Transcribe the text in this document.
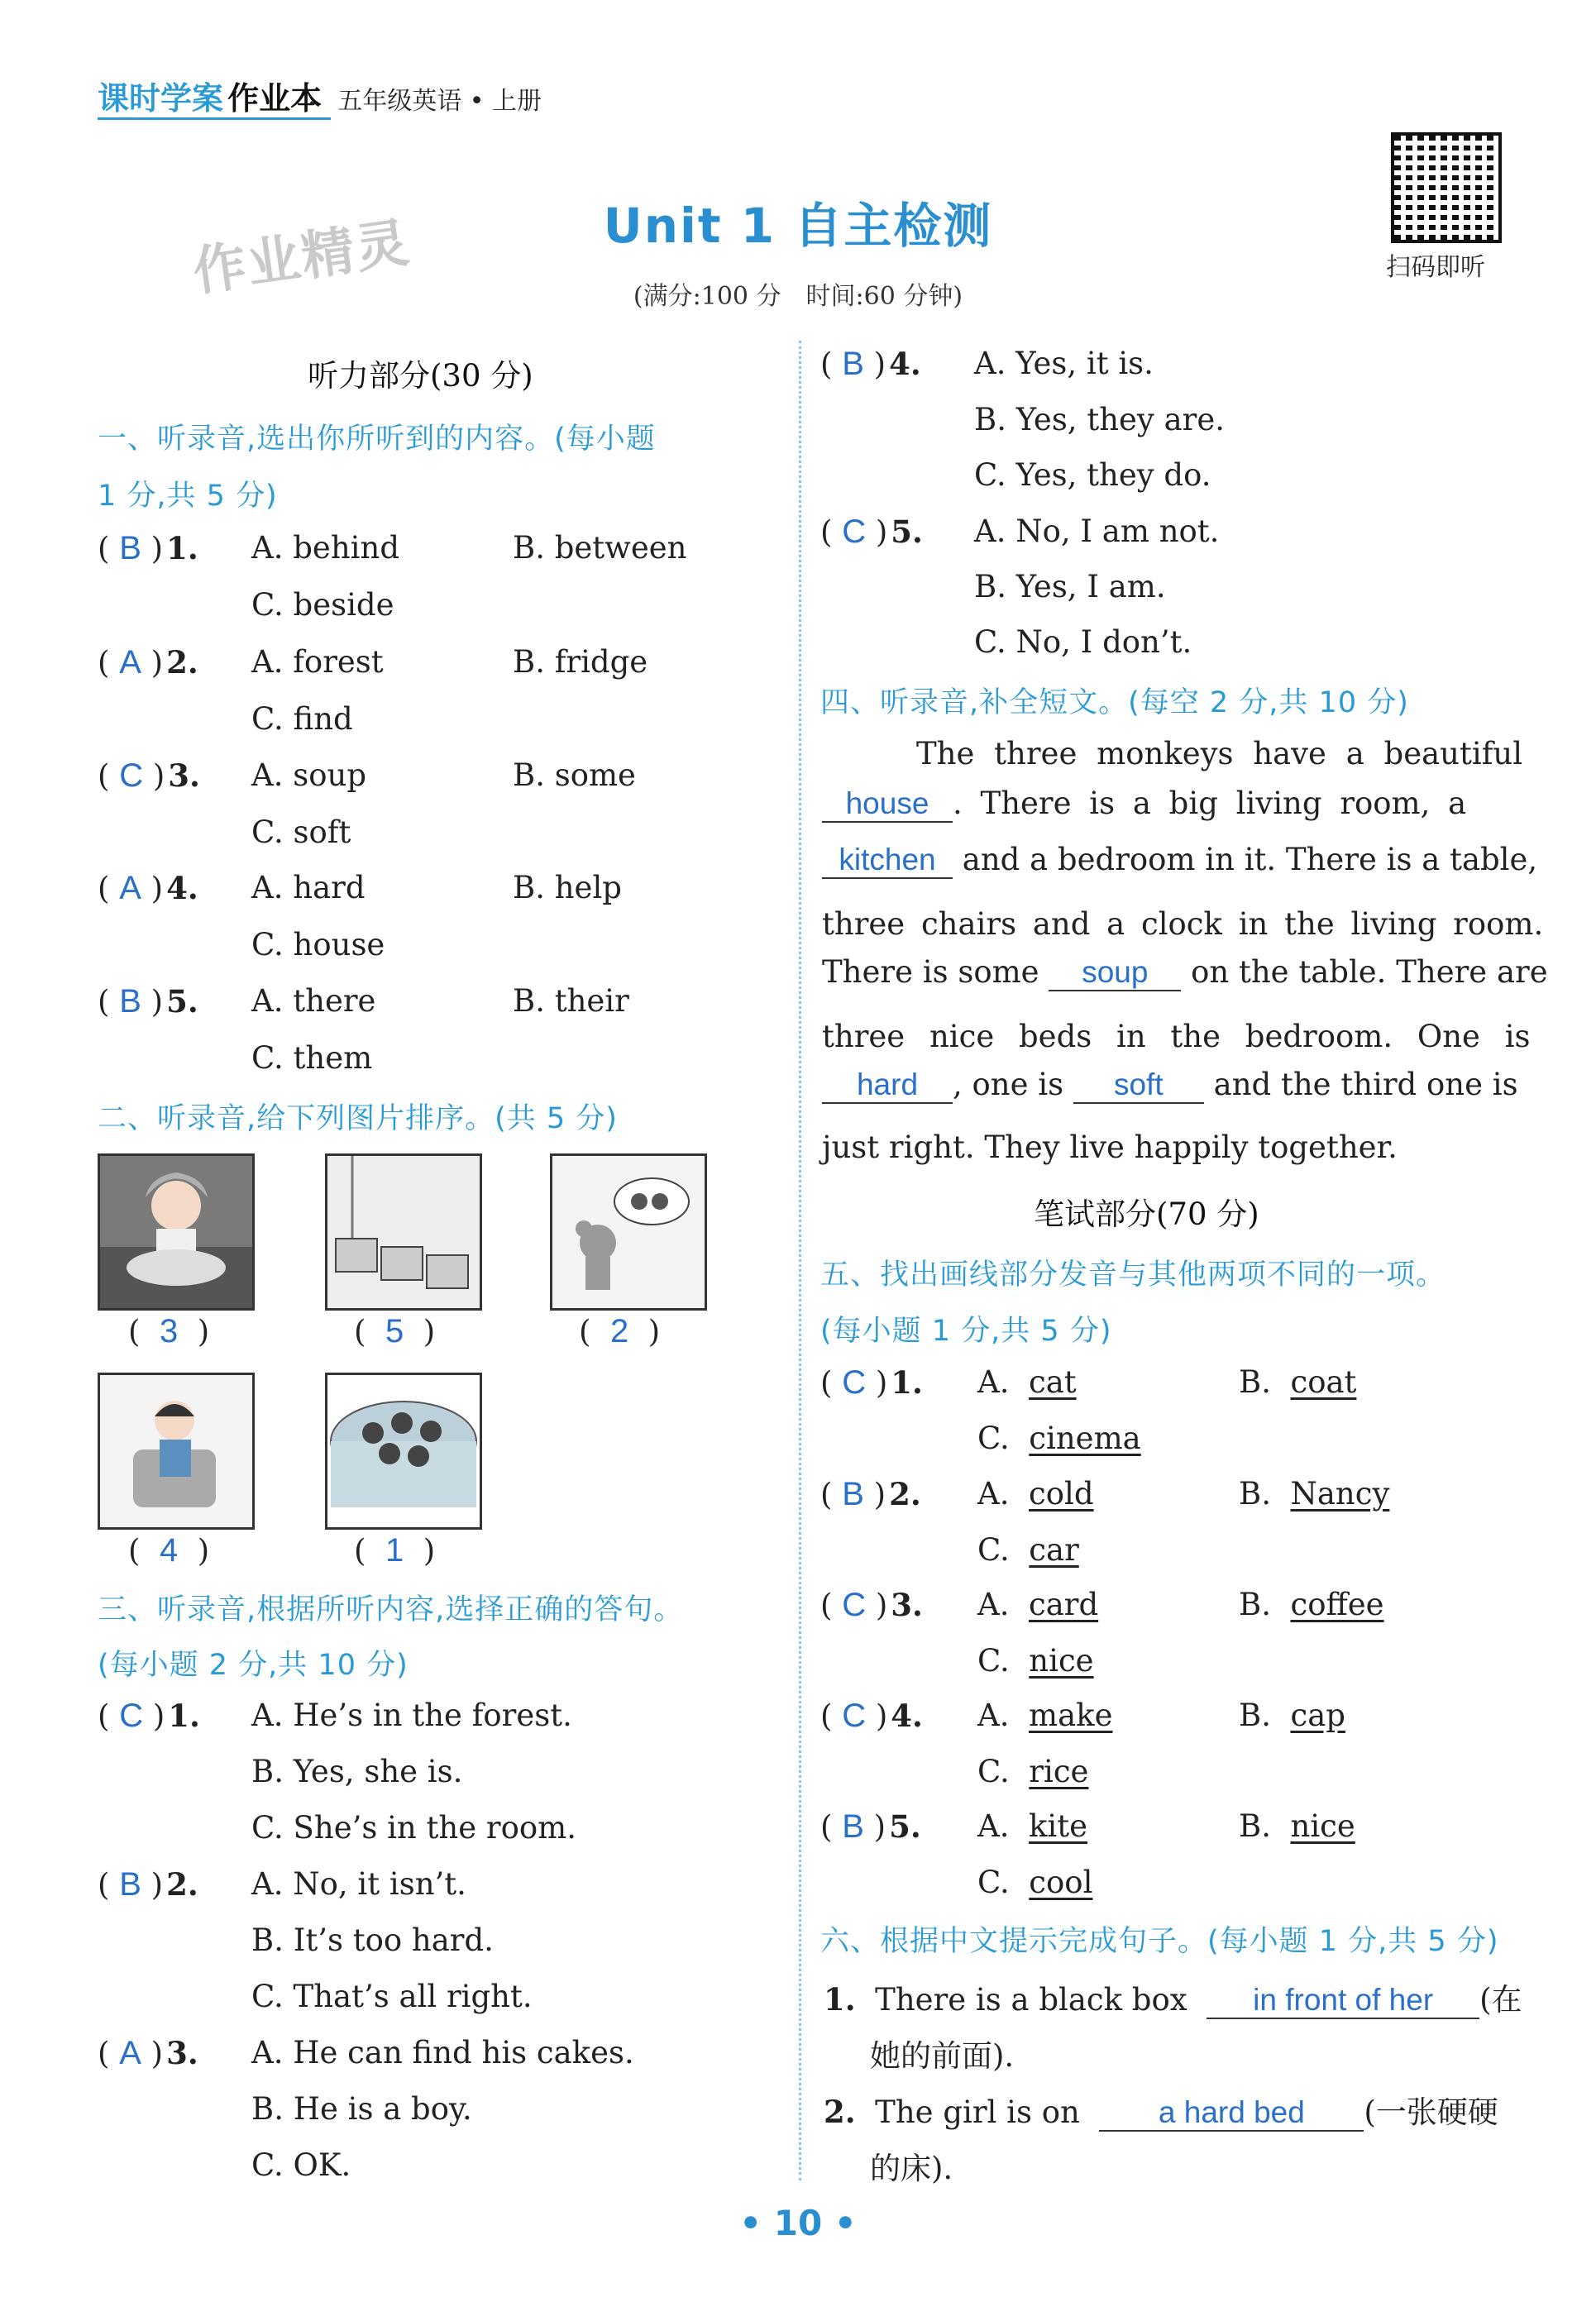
课时学案 作业本 五年级英语 • 上册
扫码即听
作业精灵	Unit 1 自主检测
(满分:100 分　时间:60 分钟)
听力部分(30 分)
一、听录音,选出你所听到的内容。(每小题
1 分,共 5 分)
( B ) 1. A. behind	B. between
C. beside
( A ) 2. A. forest	B. fridge
C. find
( C ) 3. A. soup	B. some
C. soft
( A ) 4. A. hard	B. help
C. house
( B ) 5. A. there	B. their
C. them
二、听录音,给下列图片排序。(共 5 分)
( 3 )	( 5 )	( 2 )
( 4 )	( 1 )
三、听录音,根据所听内容,选择正确的答句。
(每小题 2 分,共 10 分)
( C ) 1. A. He’s in the forest.
B. Yes, she is.
C. She’s in the room.
( B ) 2. A. No, it isn’t.
B. It’s too hard.
C. That’s all right.
( A ) 3. A. He can find his cakes.
B. He is a boy.
C. OK.
( B ) 4. A. Yes, it is.
B. Yes, they are.
C. Yes, they do.
( C ) 5. A. No, I am not.
B. Yes, I am.
C. No, I don’t.
四、听录音,补全短文。(每空 2 分,共 10 分)
The three monkeys have a beautiful
house . There is a big living room, a
kitchen and a bedroom in it. There is a table,
three chairs and a clock in the living room.
There is some soup on the table. There are
three nice beds in the bedroom. One is
hard , one is soft and the third one is
just right. They live happily together.
笔试部分(70 分)
五、找出画线部分发音与其他两项不同的一项。
(每小题 1 分,共 5 分)
( C ) 1. A. cat	B. coat
C. cinema
( B ) 2. A. cold	B. Nancy
C. car
( C ) 3. A. card	B. coffee
C. nice
( C ) 4. A. make	B. cap
C. rice
( B ) 5. A. kite	B. nice
C. cool
六、根据中文提示完成句子。(每小题 1 分,共 5 分)
1. There is a black box in front of her (在
她的前面).
2. The girl is on	a hard bed (一张硬硬
的床).
• 10 •
